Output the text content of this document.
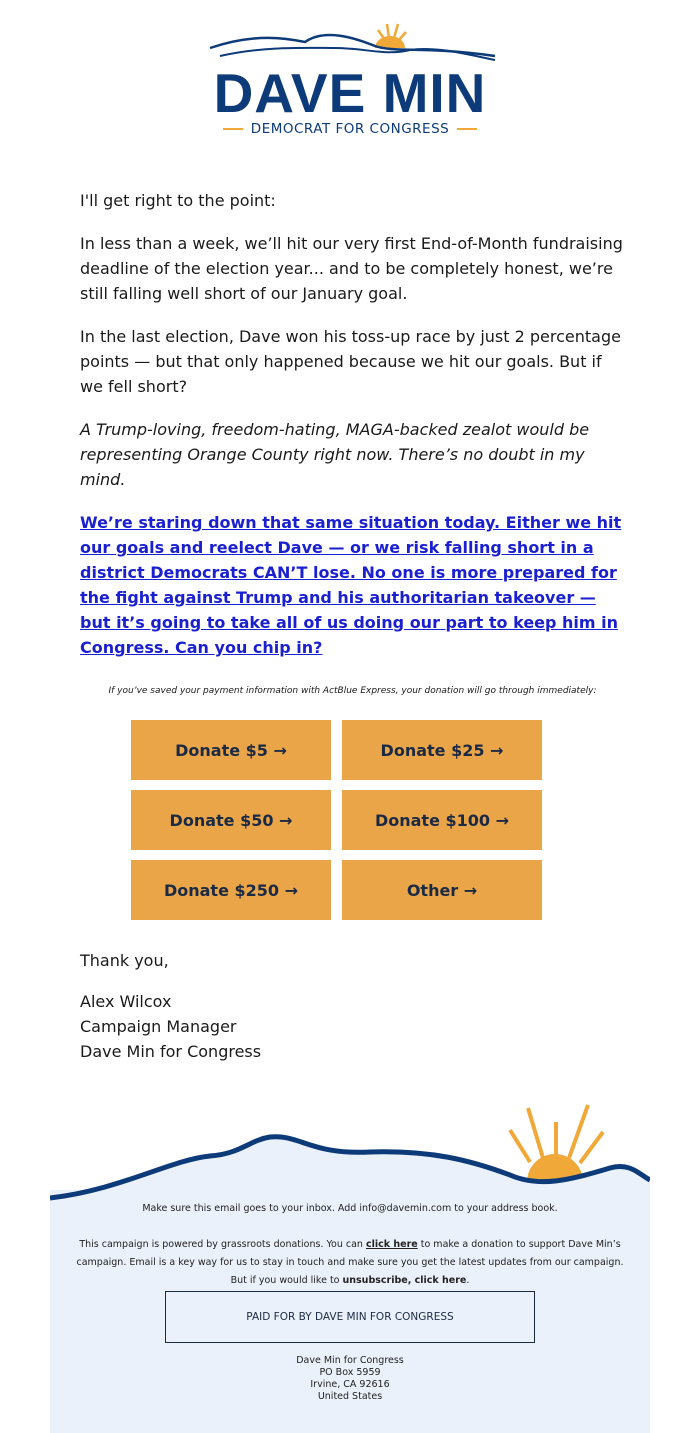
DAVE MIN
DEMOCRAT FOR CONGRESS

I'll get right to the point:

In less than a week, we’ll hit our very first End-of-Month fundraising deadline of the election year... and to be completely honest, we’re still falling well short of our January goal.

In the last election, Dave won his toss-up race by just 2 percentage points — but that only happened because we hit our goals. But if we fell short?

A Trump-loving, freedom-hating, MAGA-backed zealot would be representing Orange County right now. There’s no doubt in my mind.

We’re staring down that same situation today. Either we hit our goals and reelect Dave — or we risk falling short in a district Democrats CAN’T lose. No one is more prepared for the fight against Trump and his authoritarian takeover — but it’s going to take all of us doing our part to keep him in Congress. Can you chip in?

If you’ve saved your payment information with ActBlue Express, your donation will go through immediately:

Donate $5 →	Donate $25 →
Donate $50 →	Donate $100 →
Donate $250 →	Other →

Thank you,

Alex Wilcox

Campaign Manager

Dave Min for Congress

Make sure this email goes to your inbox. Add info@davemin.com to your address book.
This campaign is powered by grassroots donations. You can click here to make a donation to support Dave Min’s campaign. Email is a key way for us to stay in touch and make sure you get the latest updates from our campaign. But if you would like to unsubscribe, click here.
PAID FOR BY DAVE MIN FOR CONGRESS
Dave Min for Congress
PO Box 5959
Irvine, CA 92616
United States
